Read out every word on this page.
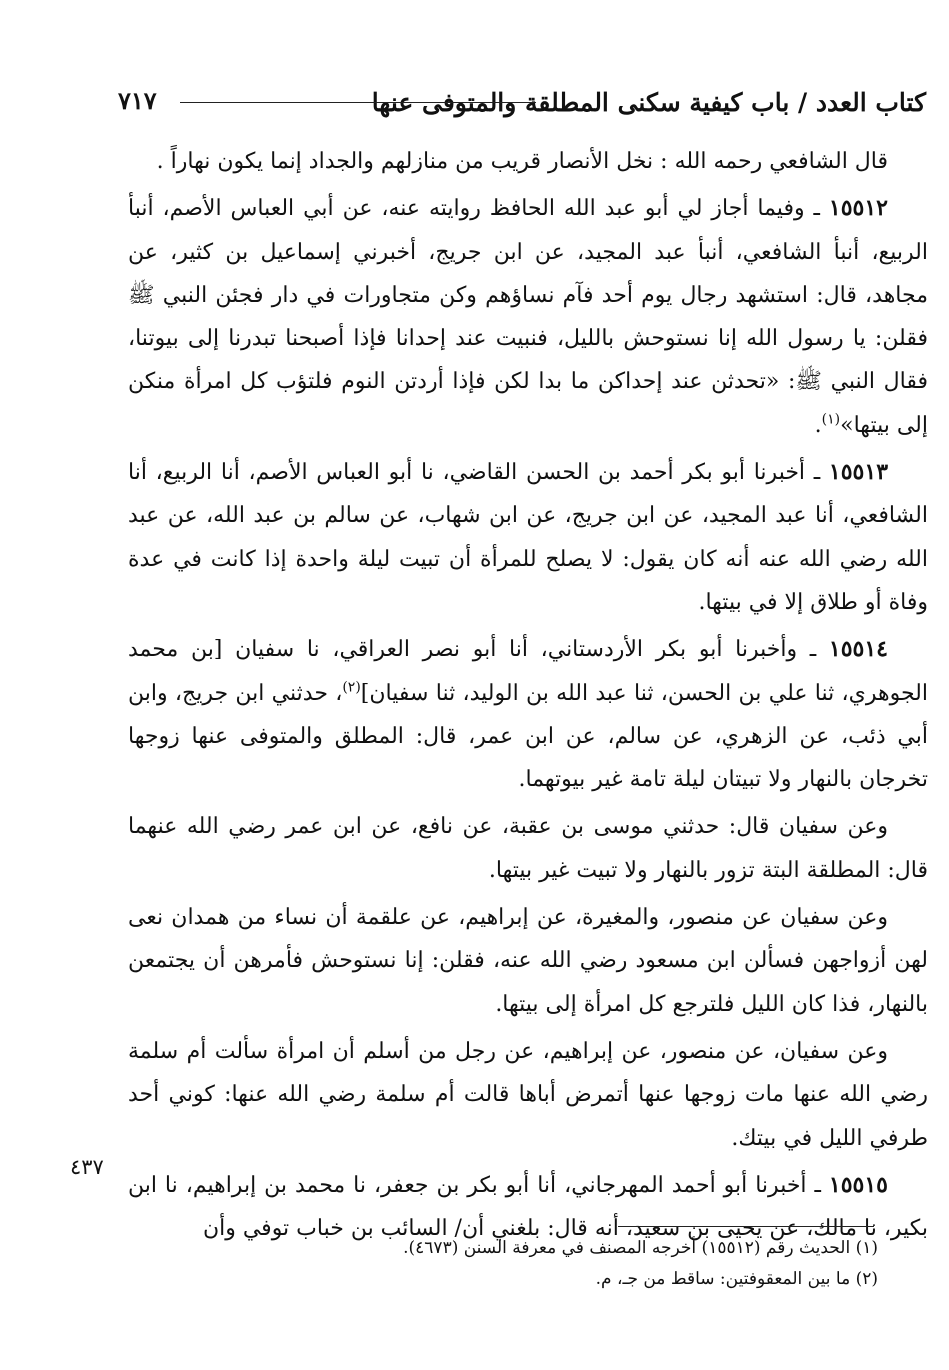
كتاب العدد / باب كيفية سكنى المطلقة والمتوفى عنها
٧١٧

قال الشافعي رحمه الله : نخل الأنصار قريب من منازلهم والجداد إنما يكون نهاراً .

١٥٥١٢ ـ وفيما أجاز لي أبو عبد الله الحافظ روايته عنه، عن أبي العباس الأصم، أنبأ الربيع، أنبأ الشافعي، أنبأ عبد المجيد، عن ابن جريج، أخبرني إسماعيل بن كثير، عن مجاهد، قال: استشهد رجال يوم أحد فآم نساؤهم وكن متجاورات في دار فجئن النبي ﷺ فقلن: يا رسول الله إنا نستوحش بالليل، فنبيت عند إحدانا فإذا أصبحنا تبدرنا إلى بيوتنا، فقال النبي ﷺ: «تحدثن عند إحداكن ما بدا لكن فإذا أردتن النوم فلتؤب كل امرأة منكن إلى بيتها»$^{(١)}$.

١٥٥١٣ ـ أخبرنا أبو بكر أحمد بن الحسن القاضي، نا أبو العباس الأصم، أنا الربيع، أنا الشافعي، أنا عبد المجيد، عن ابن جريج، عن ابن شهاب، عن سالم بن عبد الله، عن عبد الله رضي الله عنه أنه كان يقول: لا يصلح للمرأة أن تبيت ليلة واحدة إذا كانت في عدة وفاة أو طلاق إلا في بيتها.

١٥٥١٤ ـ وأخبرنا أبو بكر الأردستاني، أنا أبو نصر العراقي، نا سفيان [بن محمد الجوهري، ثنا علي بن الحسن، ثنا عبد الله بن الوليد، ثنا سفيان]$^{(٢)}$، حدثني ابن جريج، وابن أبي ذئب، عن الزهري، عن سالم، عن ابن عمر، قال: المطلق والمتوفى عنها زوجها تخرجان بالنهار ولا تبيتان ليلة تامة غير بيوتهما.

وعن سفيان قال: حدثني موسى بن عقبة، عن نافع، عن ابن عمر رضي الله عنهما قال: المطلقة البتة تزور بالنهار ولا تبيت غير بيتها.

وعن سفيان عن منصور، والمغيرة، عن إبراهيم، عن علقمة أن نساء من همدان نعى لهن أزواجهن فسألن ابن مسعود رضي الله عنه، فقلن: إنا نستوحش فأمرهن أن يجتمعن بالنهار، فذا كان الليل فلترجع كل امرأة إلى بيتها.

وعن سفيان، عن منصور، عن إبراهيم، عن رجل من أسلم أن امرأة سألت أم سلمة رضي الله عنها مات زوجها عنها أتمرض أباها قالت أم سلمة رضي الله عنها: كوني أحد طرفي الليل في بيتك.

١٥٥١٥ ـ أخبرنا أبو أحمد المهرجاني، أنا أبو بكر بن جعفر، نا محمد بن إبراهيم، نا ابن بكير، نا مالك، عن يحيى بن سعيد، أنه قال: بلغني أن/ السائب بن خباب توفي وأن

٤٣٧
(١) الحديث رقم (١٥٥١٢) أخرجه المصنف في معرفة السنن (٤٦٧٣).
(٢) ما بين المعقوفتين: ساقط من جـ، م.
